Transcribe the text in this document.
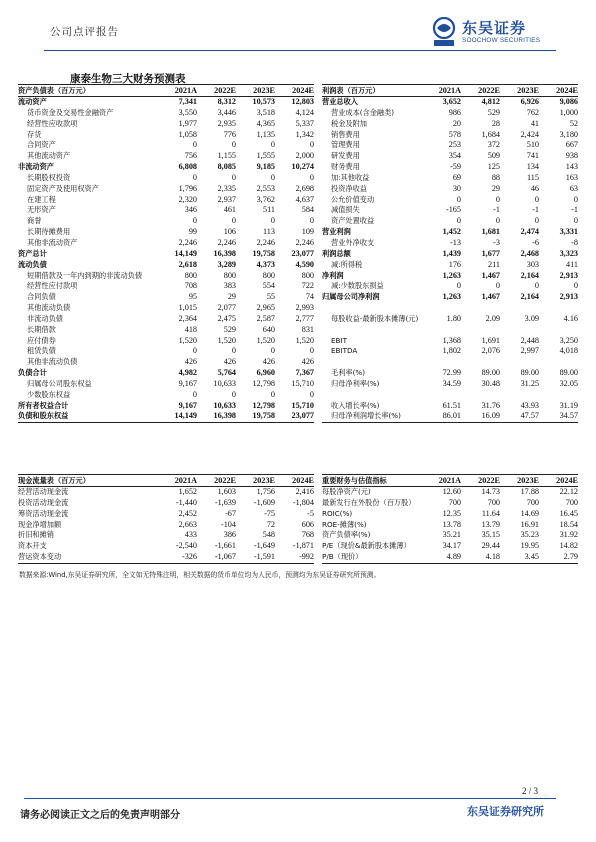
公司点评报告	东吴证券
SOOCHOW SECURITIES
康泰生物三大财务预测表
资产负债表（百万元）	2021A	2022E	2023E	2024E
流动资产	7,341	8,312	10,573	12,803
货币资金及交易性金融资产	3,550	3,446	3,518	4,124
经营性应收款项	1,977	2,935	4,365	5,337
存货	1,058	776	1,135	1,342
合同资产	0	0	0	0
其他流动资产	756	1,155	1,555	2,000
非流动资产	6,808	8,085	9,185	10,274
长期股权投资	0	0	0	0
固定资产及使用权资产	1,796	2,335	2,553	2,698
在建工程	2,320	2,937	3,762	4,637
无形资产	346	461	511	584
商誉	0	0	0	0
长期待摊费用	99	106	113	109
其他非流动资产	2,246	2,246	2,246	2,246
资产总计	14,149	16,398	19,758	23,077
流动负债	2,618	3,289	4,373	4,590
短期借款及一年内到期的非流动负债	800	800	800	800
经营性应付款项	708	383	554	722
合同负债	95	29	55	74
其他流动负债	1,015	2,077	2,965	2,993
非流动负债	2,364	2,475	2,587	2,777
长期借款	418	529	640	831
应付债券	1,520	1,520	1,520	1,520
租赁负债	0	0	0	0
其他非流动负债	426	426	426	426
负债合计	4,982	5,764	6,960	7,367
归属母公司股东权益	9,167	10,633	12,798	15,710
少数股东权益	0	0	0	0
所有者权益合计	9,167	10,633	12,798	15,710
负债和股东权益	14,149	16,398	19,758	23,077
利润表（百万元）	2021A	2022E	2023E	2024E
营业总收入	3,652	4,812	6,926	9,086
营业成本(含金融类)	986	529	762	1,000
税金及附加	20	28	41	52
销售费用	578	1,684	2,424	3,180
管理费用	253	372	510	667
研发费用	354	509	741	938
财务费用	-59	125	134	143
加:其他收益	69	88	115	163
投资净收益	30	29	46	63
公允价值变动	0	0	0	0
减值损失	-165	-1	-1	-1
资产处置收益	0	0	0	0
营业利润	1,452	1,681	2,474	3,331
营业外净收支	-13	-3	-6	-8
利润总额	1,439	1,677	2,468	3,323
减:所得税	176	211	303	411
净利润	1,263	1,467	2,164	2,913
减:少数股东损益	0	0	0	0
归属母公司净利润	1,263	1,467	2,164	2,913

每股收益-最新股本摊薄(元)	1.80	2.09	3.09	4.16

EBIT	1,368	1,691	2,448	3,250
EBITDA	1,802	2,076	2,997	4,018

毛利率(%)	72.99	89.00	89.00	89.00
归母净利率(%)	34.59	30.48	31.25	32.05

收入增长率(%)	61.51	31.76	43.93	31.19
归母净利润增长率(%)	86.01	16.09	47.57	34.57
现金流量表（百万元）	2021A	2022E	2023E	2024E
经营活动现金流	1,652	1,603	1,756	2,416
投资活动现金流	-1,440	-1,639	-1,609	-1,804
筹资活动现金流	2,452	-67	-75	-5
现金净增加额	2,663	-104	72	606
折旧和摊销	433	386	548	768
资本开支	-2,540	-1,661	-1,649	-1,871
营运资本变动	-326	-1,067	-1,591	-992
重要财务与估值指标	2021A	2022E	2023E	2024E
每股净资产(元)	12.60	14.73	17.88	22.12
最新发行在外股份（百万股）	700	700	700	700
ROIC(%)	12.35	11.64	14.69	16.45
ROE-摊薄(%)	13.78	13.79	16.91	18.54
资产负债率(%)	35.21	35.15	35.23	31.92
P/E（现价&最新股本摊薄）	34.17	29.44	19.95	14.82
P/B（现价）	4.89	4.18	3.45	2.79
数据来源:Wind,东吴证券研究所，全文如无特殊注明，相关数据的货币单位均为人民币，预测均为东吴证券研究所预测。
2 / 3
请务必阅读正文之后的免责声明部分	东吴证券研究所
